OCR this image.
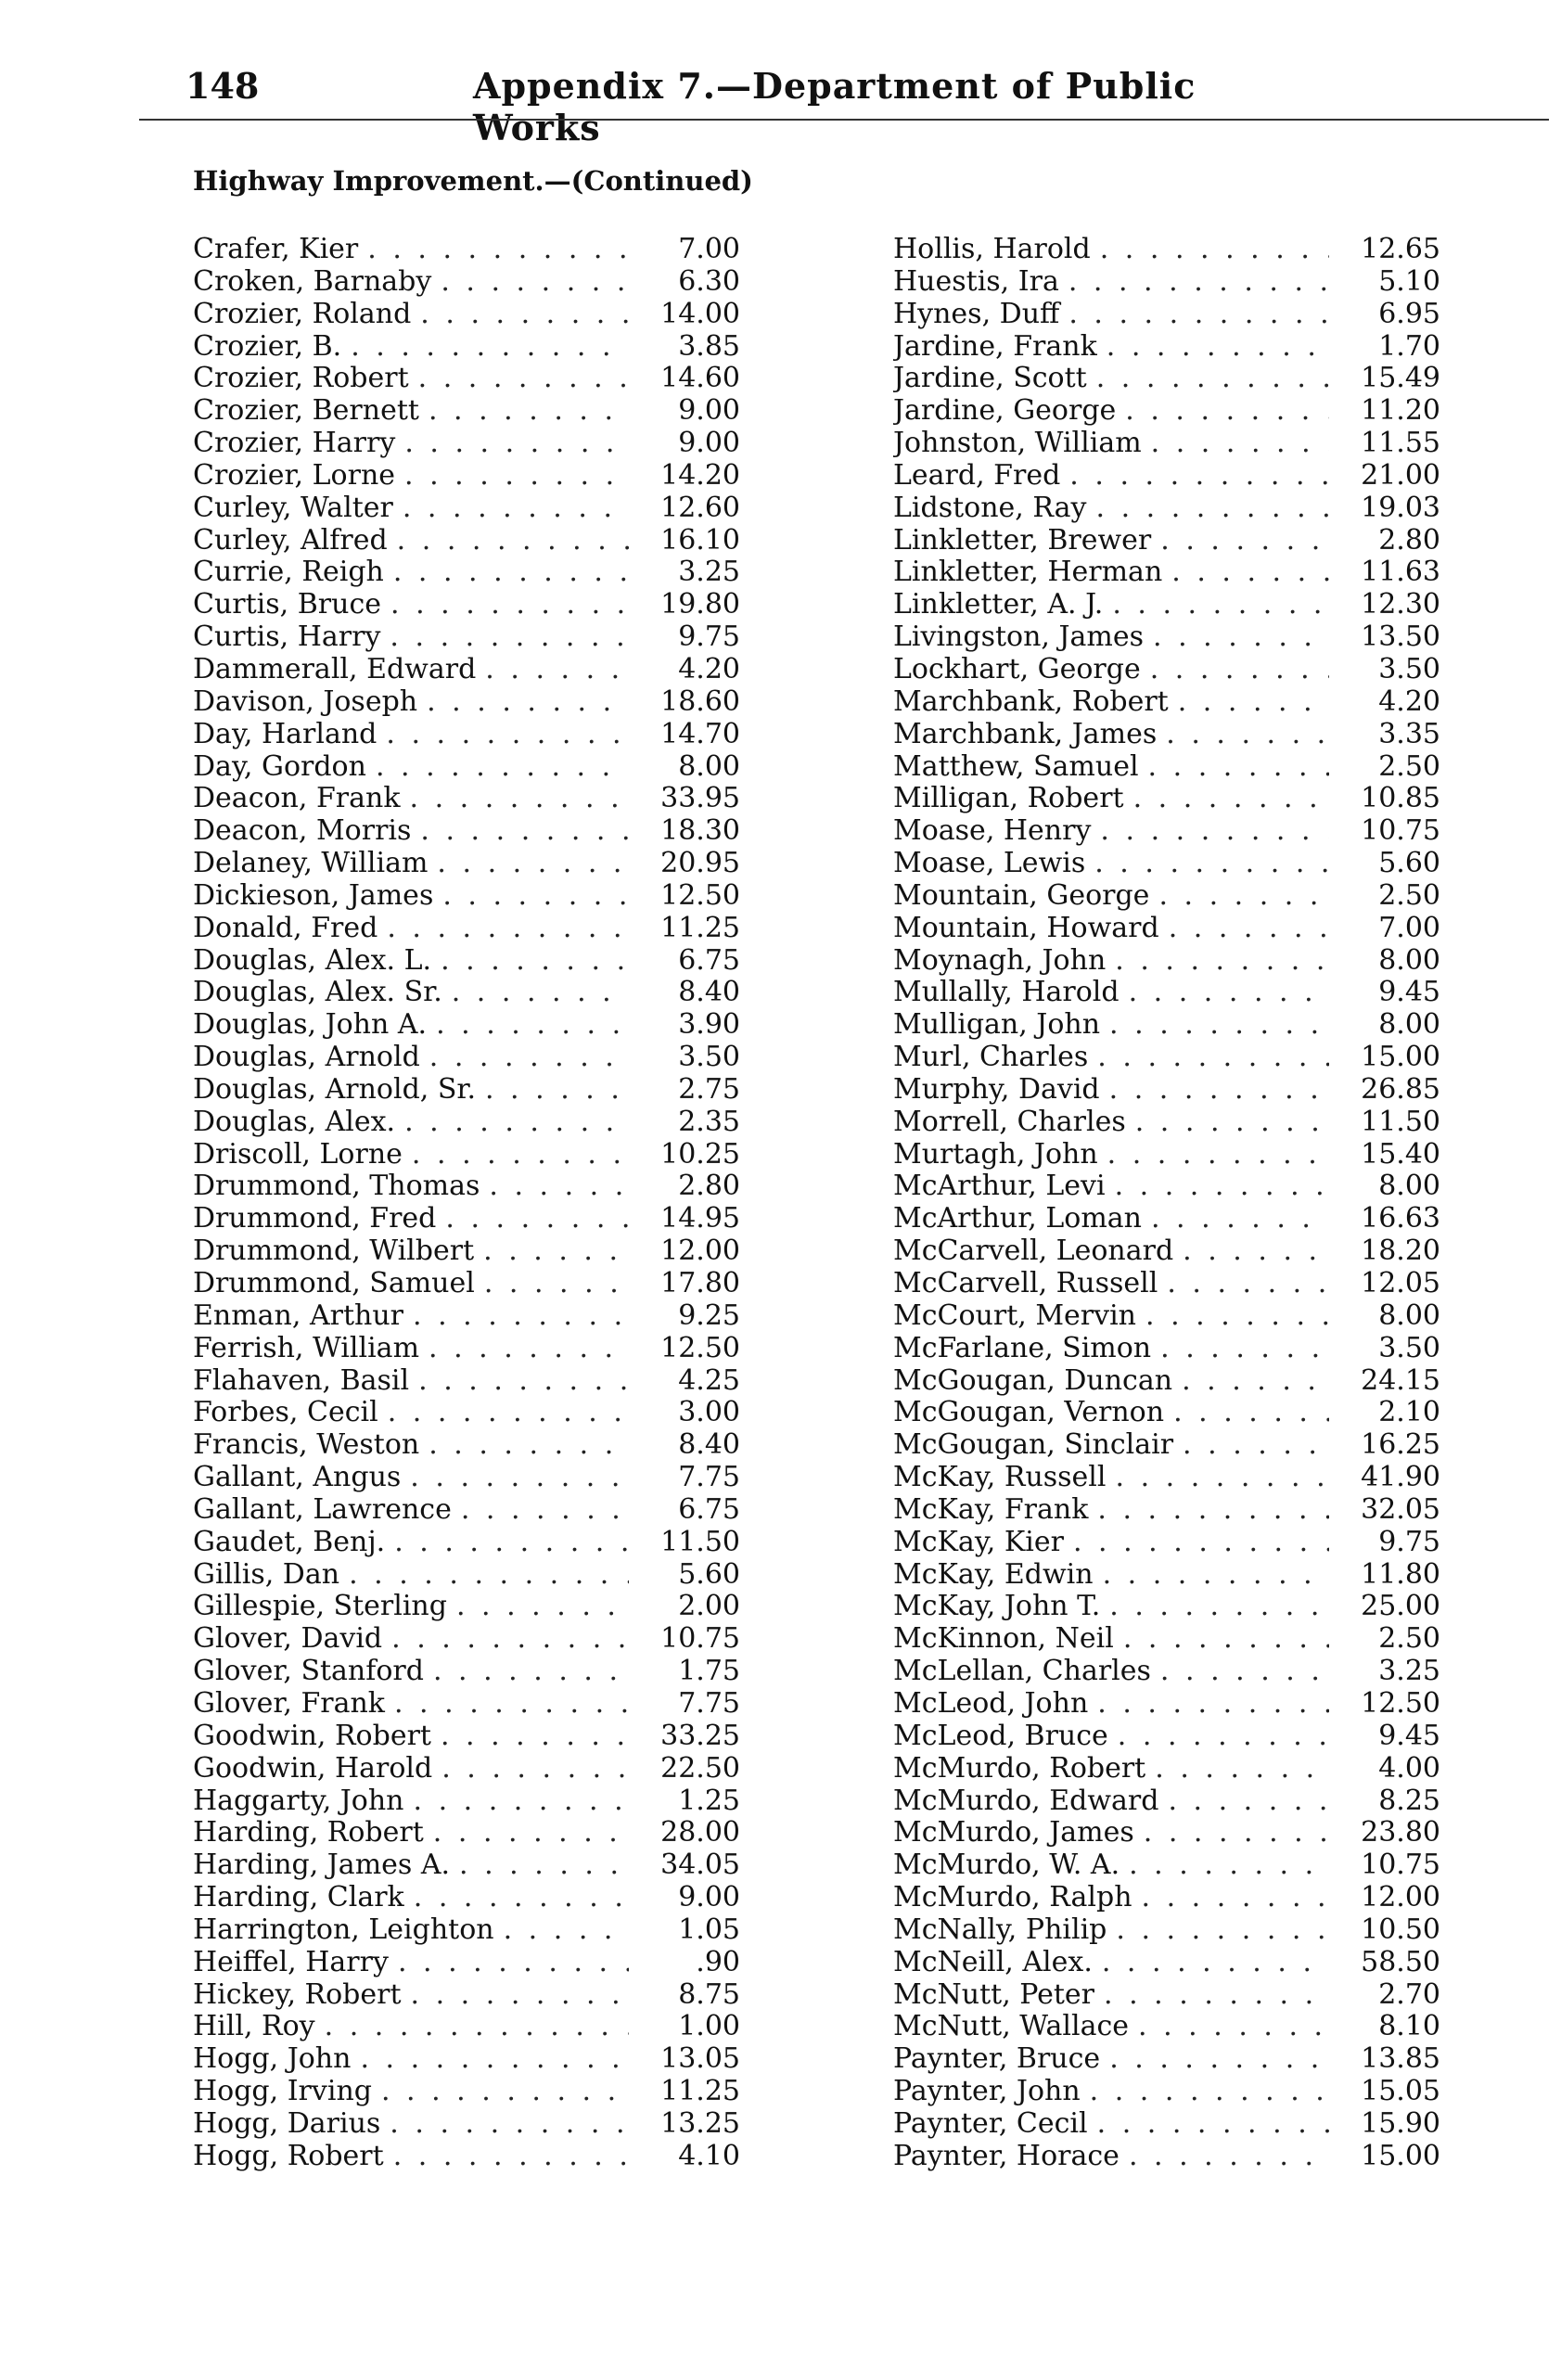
148	Appendix 7.—Department of Public Works
Highway Improvement.—(Continued)
Crafer, Kier . . .	7.00
Croken, Barnaby . . .	6.30
Crozier, Roland . . .	14.00
Crozier, B. . . .	3.85
Crozier, Robert . . .	14.60
Crozier, Bernett . . .	9.00
Crozier, Harry . . .	9.00
Crozier, Lorne . . .	14.20
Curley, Walter . . .	12.60
Curley, Alfred . . .	16.10
Currie, Reigh . . .	3.25
Curtis, Bruce . . .	19.80
Curtis, Harry . . .	9.75
Dammerall, Edward . . .	4.20
Davison, Joseph . . .	18.60
Day, Harland . . .	14.70
Day, Gordon . . .	8.00
Deacon, Frank . . .	33.95
Deacon, Morris . . .	18.30
Delaney, William . . .	20.95
Dickieson, James . . .	12.50
Donald, Fred . . .	11.25
Douglas, Alex. L. . . .	6.75
Douglas, Alex. Sr. . . .	8.40
Douglas, John A. . . .	3.90
Douglas, Arnold . . .	3.50
Douglas, Arnold, Sr. . . .	2.75
Douglas, Alex. . . .	2.35
Driscoll, Lorne . . .	10.25
Drummond, Thomas . . .	2.80
Drummond, Fred . . .	14.95
Drummond, Wilbert . . .	12.00
Drummond, Samuel . . .	17.80
Enman, Arthur . . .	9.25
Ferrish, William . . .	12.50
Flahaven, Basil . . .	4.25
Forbes, Cecil . . .	3.00
Francis, Weston . . .	8.40
Gallant, Angus . . .	7.75
Gallant, Lawrence . . .	6.75
Gaudet, Benj. . . .	11.50
Gillis, Dan . . .	5.60
Gillespie, Sterling . . .	2.00
Glover, David . . .	10.75
Glover, Stanford . . .	1.75
Glover, Frank . . .	7.75
Goodwin, Robert . . .	33.25
Goodwin, Harold . . .	22.50
Haggarty, John . . .	1.25
Harding, Robert . . .	28.00
Harding, James A. . . .	34.05
Harding, Clark . . .	9.00
Harrington, Leighton . . .	1.05
Heiffel, Harry . . .	.90
Hickey, Robert . . .	8.75
Hill, Roy . . .	1.00
Hogg, John . . .	13.05
Hogg, Irving . . .	11.25
Hogg, Darius . . .	13.25
Hogg, Robert . . .	4.10
Hollis, Harold . . .	12.65
Huestis, Ira . . .	5.10
Hynes, Duff . . .	6.95
Jardine, Frank . . .	1.70
Jardine, Scott . . .	15.49
Jardine, George . . .	11.20
Johnston, William . . .	11.55
Leard, Fred . . .	21.00
Lidstone, Ray . . .	19.03
Linkletter, Brewer . . .	2.80
Linkletter, Herman . . .	11.63
Linkletter, A. J. . . .	12.30
Livingston, James . . .	13.50
Lockhart, George . . .	3.50
Marchbank, Robert . . .	4.20
Marchbank, James . . .	3.35
Matthew, Samuel . . .	2.50
Milligan, Robert . . .	10.85
Moase, Henry . . .	10.75
Moase, Lewis . . .	5.60
Mountain, George . . .	2.50
Mountain, Howard . . .	7.00
Moynagh, John . . .	8.00
Mullally, Harold . . .	9.45
Mulligan, John . . .	8.00
Murl, Charles . . .	15.00
Murphy, David . . .	26.85
Morrell, Charles . . .	11.50
Murtagh, John . . .	15.40
McArthur, Levi . . .	8.00
McArthur, Loman . . .	16.63
McCarvell, Leonard . . .	18.20
McCarvell, Russell . . .	12.05
McCourt, Mervin . . .	8.00
McFarlane, Simon . . .	3.50
McGougan, Duncan . . .	24.15
McGougan, Vernon . . .	2.10
McGougan, Sinclair . . .	16.25
McKay, Russell . . .	41.90
McKay, Frank . . .	32.05
McKay, Kier . . .	9.75
McKay, Edwin . . .	11.80
McKay, John T. . . .	25.00
McKinnon, Neil . . .	2.50
McLellan, Charles . . .	3.25
McLeod, John . . .	12.50
McLeod, Bruce . . .	9.45
McMurdo, Robert . . .	4.00
McMurdo, Edward . . .	8.25
McMurdo, James . . .	23.80
McMurdo, W. A. . . .	10.75
McMurdo, Ralph . . .	12.00
McNally, Philip . . .	10.50
McNeill, Alex. . . .	58.50
McNutt, Peter . . .	2.70
McNutt, Wallace . . .	8.10
Paynter, Bruce . . .	13.85
Paynter, John . . .	15.05
Paynter, Cecil . . .	15.90
Paynter, Horace . . .	15.00
